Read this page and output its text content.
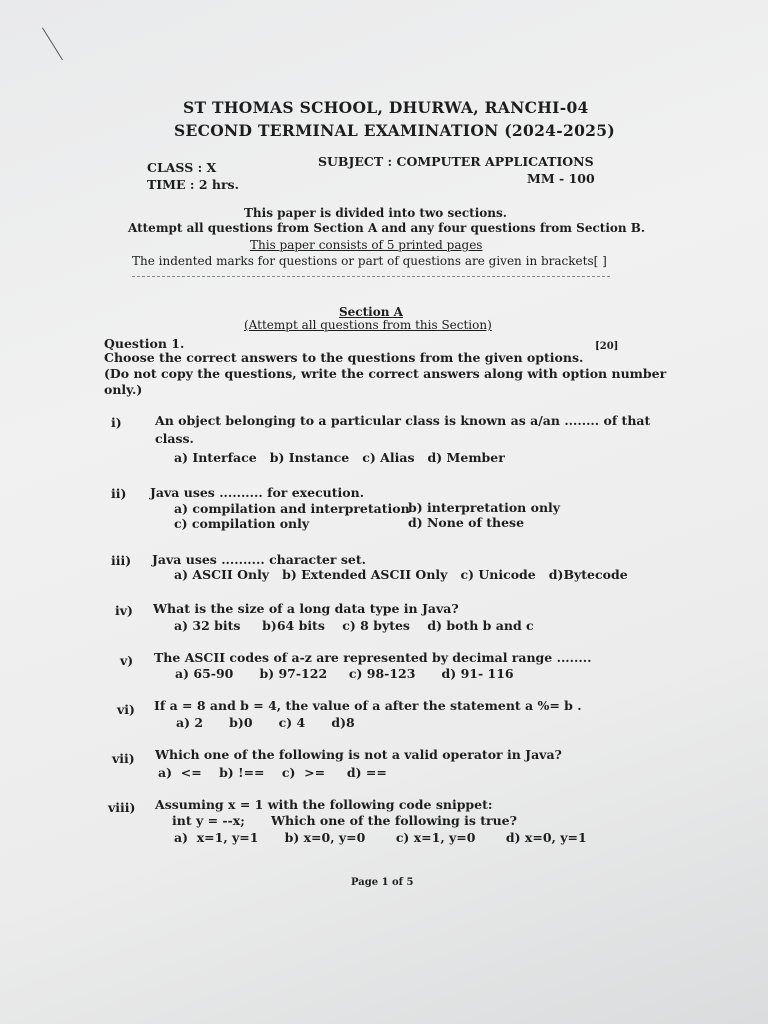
ST THOMAS SCHOOL, DHURWA, RANCHI-04
SECOND TERMINAL EXAMINATION (2024-2025)
CLASS : X
TIME : 2 hrs.
SUBJECT : COMPUTER APPLICATIONS
MM - 100
This paper is divided into two sections.
Attempt all questions from Section A and any four questions from Section B.
This paper consists of 5 printed pages
The indented marks for questions or part of questions are given in brackets[ ]
Section A
(Attempt all questions from this Section)
Question 1.	[20]
Choose the correct answers to the questions from the given options.
(Do not copy the questions, write the correct answers along with option number
only.)
i)	An object belonging to a particular class is known as a/an ........ of that
class.
a) Interface   b) Instance   c) Alias   d) Member
ii) Java uses .......... for execution.
a) compilation and interpretation
b) interpretation only
c) compilation only	d) None of these
iii) Java uses .......... character set.
a) ASCII Only   b) Extended ASCII Only   c) Unicode   d)Bytecode
iv) What is the size of a long data type in Java?
a) 32 bits     b)64 bits    c) 8 bytes    d) both b and c
v) The ASCII codes of a-z are represented by decimal range ........
a) 65-90      b) 97-122     c) 98-123      d) 91- 116
vi) If a = 8 and b = 4, the value of a after the statement a %= b .
a) 2      b)0      c) 4      d)8
vii) Which one of the following is not a valid operator in Java?
a)  <=    b) !==    c)  >=     d) ==
viii) Assuming x = 1 with the following code snippet:
int y = --x;      Which one of the following is true?
a)  x=1, y=1      b) x=0, y=0       c) x=1, y=0       d) x=0, y=1
Page 1 of 5
